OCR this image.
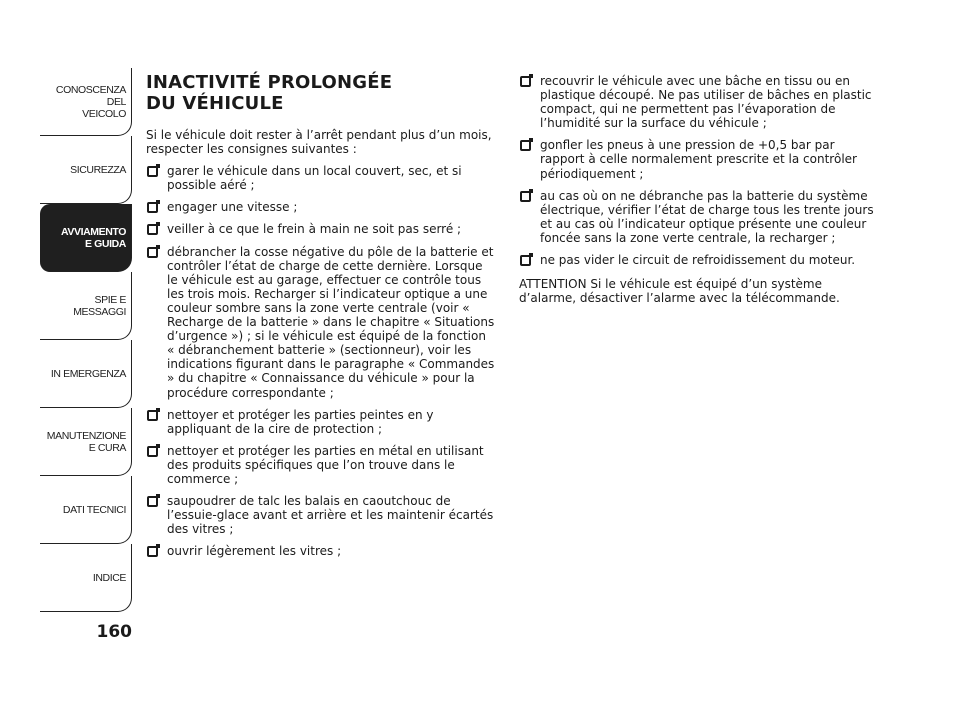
CONOSCENZA
DEL
VEICOLO
SICUREZZA
AVVIAMENTO
E GUIDA
SPIE E
MESSAGGI
IN EMERGENZA
MANUTENZIONE
E CURA
DATI TECNICI
INDICE
160
INACTIVITÉ PROLONGÉE
DU VÉHICULE

Si le véhicule doit rester à l’arrêt pendant plus d’un mois, respecter les consignes suivantes :

garer le véhicule dans un local couvert, sec, et si possible aéré ;
engager une vitesse ;
veiller à ce que le frein à main ne soit pas serré ;
débrancher la cosse négative du pôle de la batterie et contrôler l’état de charge de cette dernière. Lorsque le véhicule est au garage, effectuer ce contrôle tous les trois mois. Recharger si l’indicateur optique a une couleur sombre sans la zone verte centrale (voir « Recharge de la batterie » dans le chapitre « Situations d’urgence ») ; si le véhicule est équipé de la fonction « débranchement batterie » (sectionneur), voir les indications figurant dans le paragraphe « Commandes » du chapitre « Connaissance du véhicule » pour la procédure correspondante ;
nettoyer et protéger les parties peintes en y appliquant de la cire de protection ;
nettoyer et protéger les parties en métal en utilisant des produits spécifiques que l’on trouve dans le commerce ;
saupoudrer de talc les balais en caoutchouc de l’essuie-glace avant et arrière et les maintenir écartés des vitres ;
ouvrir légèrement les vitres ;
recouvrir le véhicule avec une bâche en tissu ou en plastique découpé. Ne pas utiliser de bâches en plastic compact, qui ne permettent pas l’évaporation de l’humidité sur la surface du véhicule ;
gonfler les pneus à une pression de +0,5 bar par rapport à celle normalement prescrite et la contrôler périodiquement ;
au cas où on ne débranche pas la batterie du système électrique, vérifier l’état de charge tous les trente jours et au cas où l’indicateur optique présente une couleur foncée sans la zone verte centrale, la recharger ;
ne pas vider le circuit de refroidissement du moteur.

ATTENTION Si le véhicule est équipé d’un système d’alarme, désactiver l’alarme avec la télécommande.
